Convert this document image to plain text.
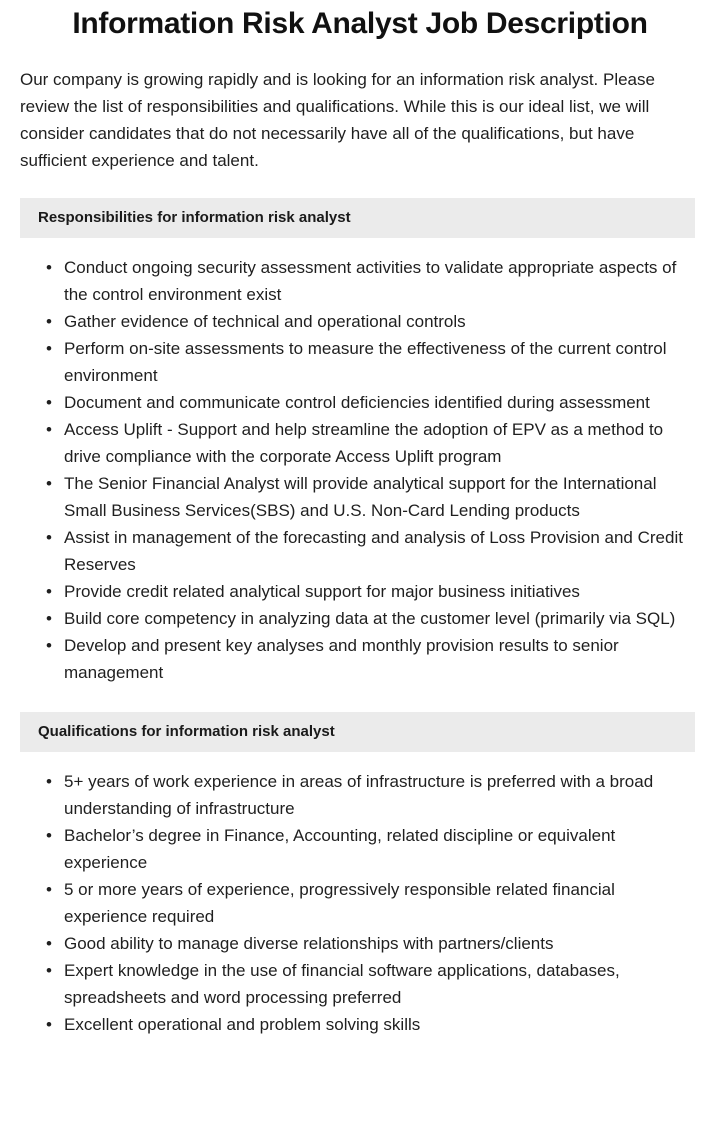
Information Risk Analyst Job Description

Our company is growing rapidly and is looking for an information risk analyst. Please review the list of responsibilities and qualifications. While this is our ideal list, we will consider candidates that do not necessarily have all of the qualifications, but have sufficient experience and talent.

Responsibilities for information risk analyst
• Conduct ongoing security assessment activities to validate appropriate aspects of the control environment exist
• Gather evidence of technical and operational controls
• Perform on-site assessments to measure the effectiveness of the current control environment
• Document and communicate control deficiencies identified during assessment
• Access Uplift - Support and help streamline the adoption of EPV as a method to drive compliance with the corporate Access Uplift program
• The Senior Financial Analyst will provide analytical support for the International Small Business Services(SBS) and U.S. Non-Card Lending products
• Assist in management of the forecasting and analysis of Loss Provision and Credit Reserves
• Provide credit related analytical support for major business initiatives
• Build core competency in analyzing data at the customer level (primarily via SQL)
• Develop and present key analyses and monthly provision results to senior management
Qualifications for information risk analyst
• 5+ years of work experience in areas of infrastructure is preferred with a broad understanding of infrastructure
• Bachelor’s degree in Finance, Accounting, related discipline or equivalent experience
• 5 or more years of experience, progressively responsible related financial experience required
• Good ability to manage diverse relationships with partners/clients
• Expert knowledge in the use of financial software applications, databases, spreadsheets and word processing preferred
• Excellent operational and problem solving skills
